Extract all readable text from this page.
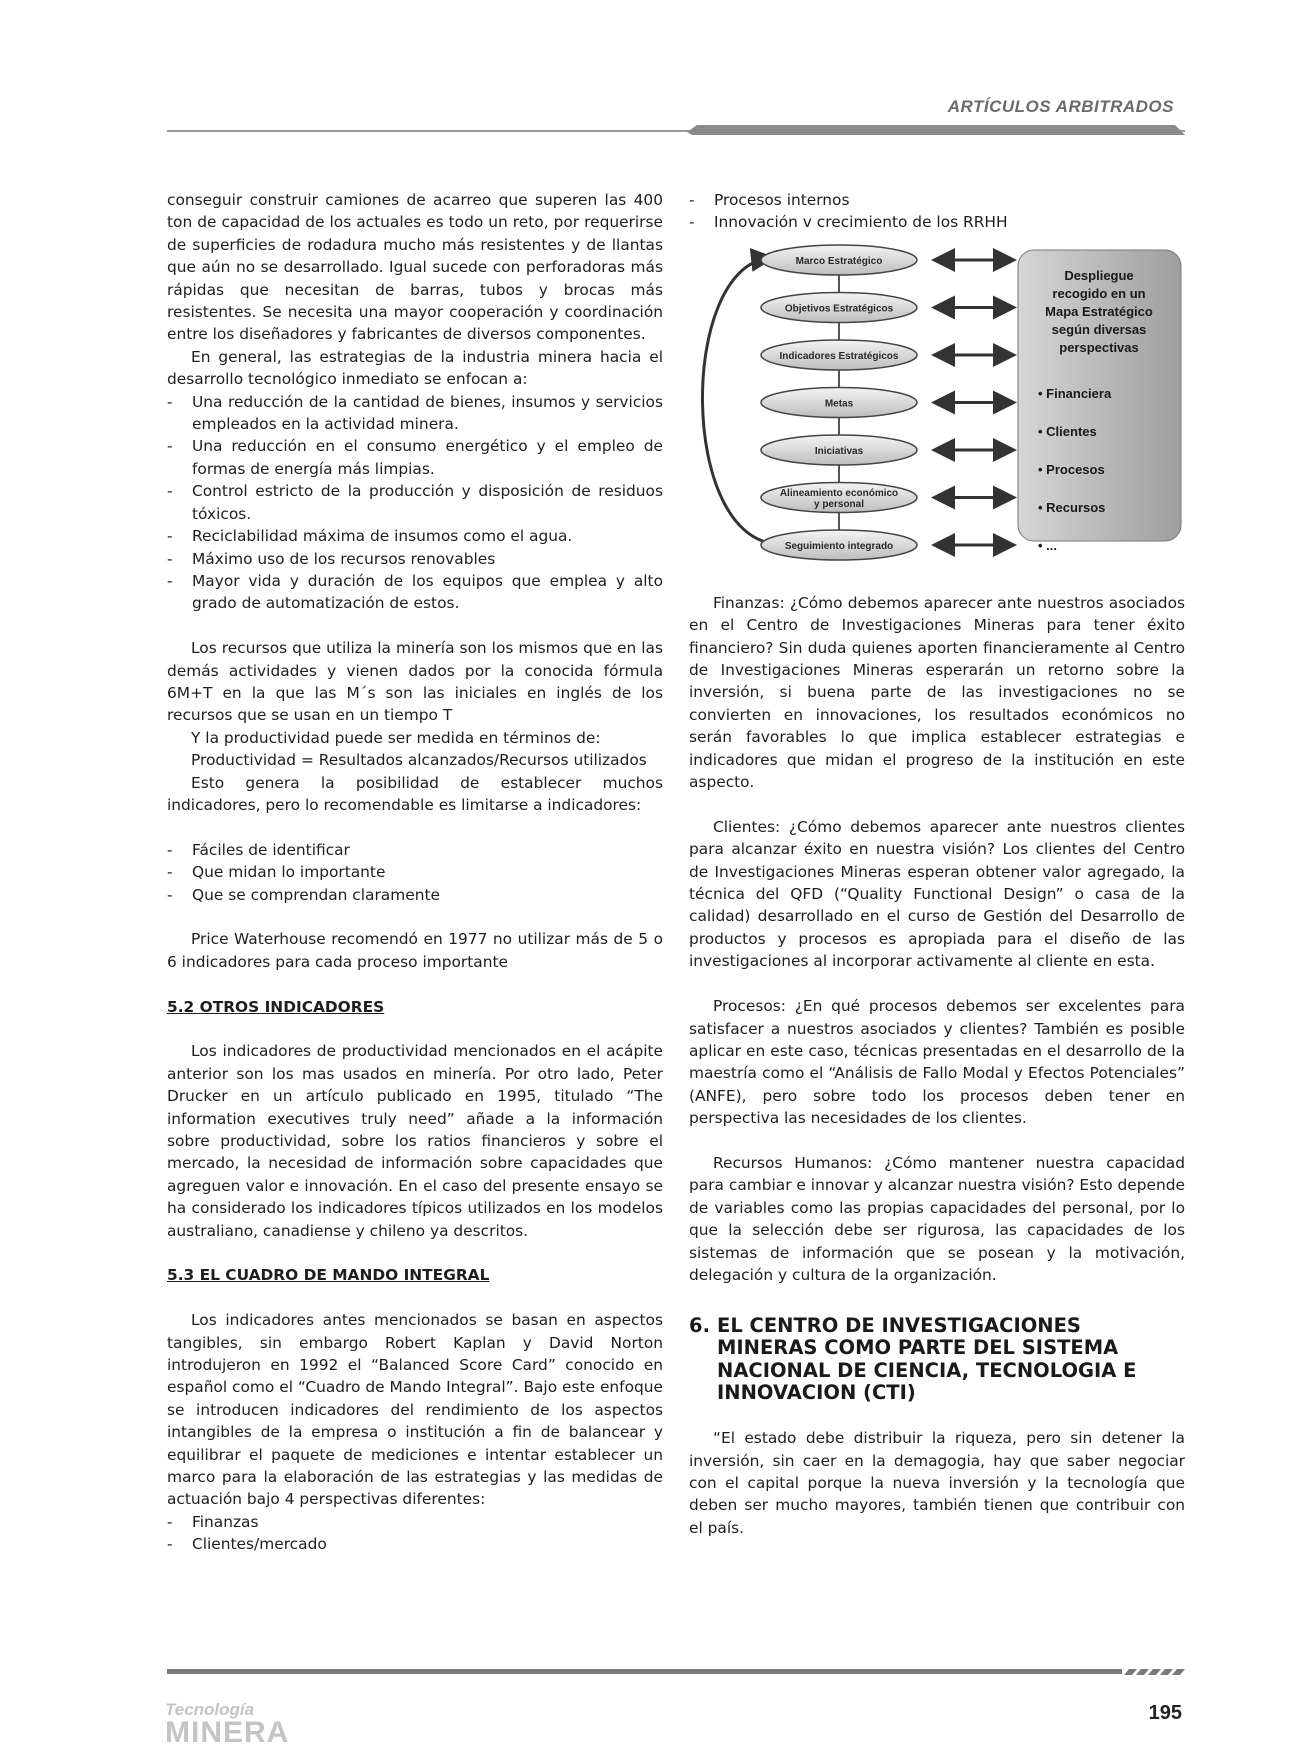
ARTÍCULOS ARBITRADOS

conseguir construir camiones de acarreo que superen las 400 ton de capacidad de los actuales es todo un reto, por requerirse de superficies de rodadura mucho más resistentes y de llantas que aún no se desarrollado. Igual sucede con perforadoras más rápidas que necesitan de barras, tubos y brocas más resistentes. Se necesita una mayor cooperación y coordinación entre los diseñadores y fabricantes de diversos componentes.

En general, las estrategias de la industria minera hacia el desarrollo tecnológico inmediato se enfocan a:

-	Una reducción de la cantidad de bienes, insumos y servicios empleados en la actividad minera.
-	Una reducción en el consumo energético y el empleo de formas de energía más limpias.
-	Control estricto de la producción y disposición de residuos tóxicos.
-	Reciclabilidad máxima de insumos como el agua.
-	Máximo uso de los recursos renovables
-	Mayor vida y duración de los equipos que emplea y alto grado de automatización de estos.

Los recursos que utiliza la minería son los mismos que en las demás actividades y vienen dados por la conocida fórmula 6M+T en la que las M´s son las iniciales en inglés de los recursos que se usan en un tiempo T

Y la productividad puede ser medida en términos de:

Productividad = Resultados alcanzados/Recursos utilizados

Esto genera la posibilidad de establecer muchos indicadores, pero lo recomendable es limitarse a indicadores:

-	Fáciles de identificar
-	Que midan lo importante
-	Que se comprendan claramente

Price Waterhouse recomendó en 1977 no utilizar más de 5 o 6 indicadores para cada proceso importante

5.2 OTROS INDICADORES

Los indicadores de productividad mencionados en el acápite anterior son los mas usados en minería. Por otro lado, Peter Drucker en un artículo publicado en 1995, titulado “The information executives truly need” añade a la información sobre productividad, sobre los ratios financieros y sobre el mercado, la necesidad de información sobre capacidades que agreguen valor e innovación. En el caso del presente ensayo se ha considerado los indicadores típicos utilizados en los modelos australiano, canadiense y chileno ya descritos.

5.3 EL CUADRO DE MANDO INTEGRAL

Los indicadores antes mencionados se basan en aspectos tangibles, sin embargo Robert Kaplan y David Norton introdujeron en 1992 el “Balanced Score Card” conocido en español como el “Cuadro de Mando Integral”. Bajo este enfoque se introducen indicadores del rendimiento de los aspectos intangibles de la empresa o institución a fin de balancear y equilibrar el paquete de mediciones e intentar establecer un marco para la elaboración de las estrategias y las medidas de actuación bajo 4 perspectivas diferentes:

-	Finanzas
-	Clientes/mercado
-	Procesos internos
-	Innovación v crecimiento de los RRHH
Marco Estratégico
Objetivos Estratégicos
Indicadores Estratégicos
Metas
Iniciativas
Alineamiento económico
y personal
Seguimiento integrado
Despliegue
recogido en un
Mapa Estratégico
según diversas
perspectivas
• Financiera
• Clientes
• Procesos
• Recursos
• ...

Finanzas: ¿Cómo debemos aparecer ante nuestros asociados en el Centro de Investigaciones Mineras para tener éxito financiero? Sin duda quienes aporten financieramente al Centro de Investigaciones Mineras esperarán un retorno sobre la inversión, si buena parte de las investigaciones no se convierten en innovaciones, los resultados económicos no serán favorables lo que implica establecer estrategias e indicadores que midan el progreso de la institución en este aspecto.

Clientes: ¿Cómo debemos aparecer ante nuestros clientes para alcanzar éxito en nuestra visión? Los clientes del Centro de Investigaciones Mineras esperan obtener valor agregado, la técnica del QFD (“Quality Functional Design” o casa de la calidad) desarrollado en el curso de Gestión del Desarrollo de productos y procesos es apropiada para el diseño de las investigaciones al incorporar activamente al cliente en esta.

Procesos: ¿En qué procesos debemos ser excelentes para satisfacer a nuestros asociados y clientes? También es posible aplicar en este caso, técnicas presentadas en el desarrollo de la maestría como el “Análisis de Fallo Modal y Efectos Potenciales” (ANFE), pero sobre todo los procesos deben tener en perspectiva las necesidades de los clientes.

Recursos Humanos: ¿Cómo mantener nuestra capacidad para cambiar e innovar y alcanzar nuestra visión? Esto depende de variables como las propias capacidades del personal, por lo que la selección debe ser rigurosa, las capacidades de los sistemas de información que se posean y la motivación, delegación y cultura de la organización.

6. EL CENTRO DE INVESTIGACIONES MINERAS COMO PARTE DEL SISTEMA NACIONAL DE CIENCIA, TECNOLOGIA E INNOVACION (CTI)

“El estado debe distribuir la riqueza, pero sin detener la inversión, sin caer en la demagogia, hay que saber negociar con el capital porque la nueva inversión y la tecnología que deben ser mucho mayores, también tienen que contribuir con el país.

Tecnología
MINERA
195
